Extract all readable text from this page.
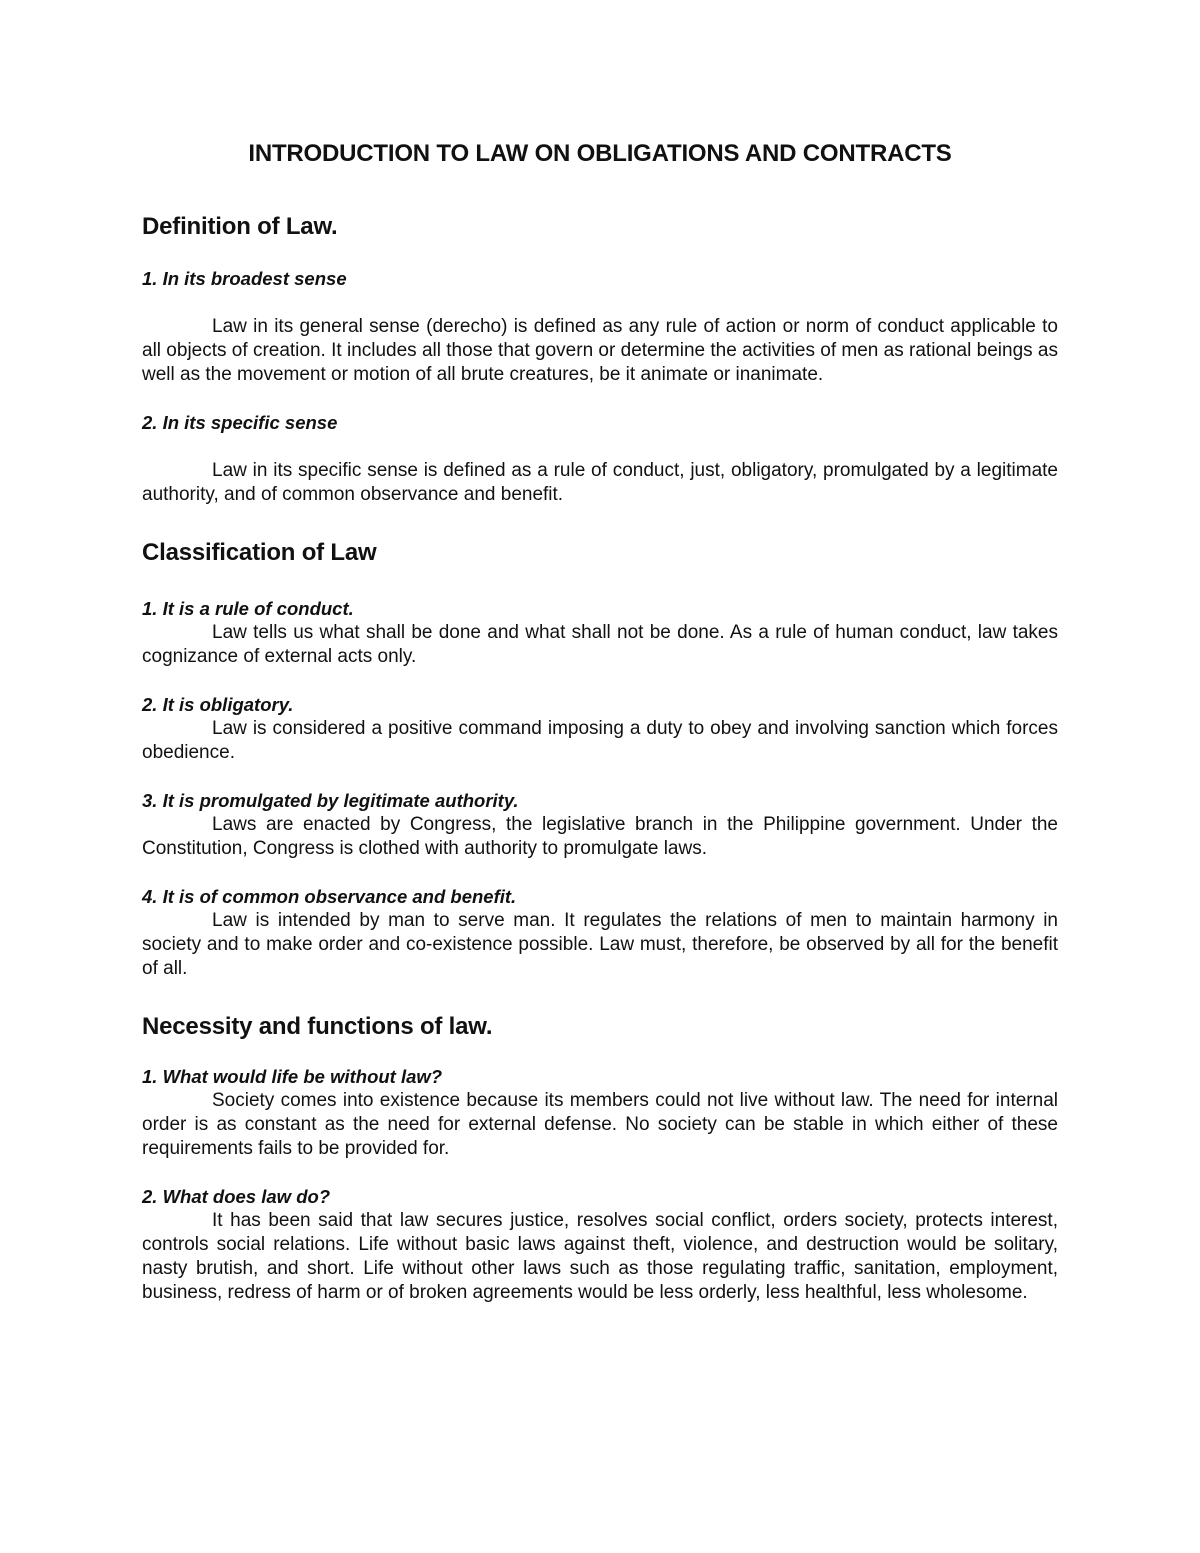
INTRODUCTION TO LAW ON OBLIGATIONS AND CONTRACTS
Definition of Law.

1. In its broadest sense

Law in its general sense (derecho) is defined as any rule of action or norm of conduct applicable to all objects of creation. It includes all those that govern or determine the activities of men as rational beings as well as the movement or motion of all brute creatures, be it animate or inanimate.

2. In its specific sense

Law in its specific sense is defined as a rule of conduct, just, obligatory, promulgated by a legitimate authority, and of common observance and benefit.

Classification of Law

1. It is a rule of conduct.

Law tells us what shall be done and what shall not be done. As a rule of human conduct, law takes cognizance of external acts only.

2. It is obligatory.

Law is considered a positive command imposing a duty to obey and involving sanction which forces obedience.

3. It is promulgated by legitimate authority.

Laws are enacted by Congress, the legislative branch in the Philippine government. Under the Constitution, Congress is clothed with authority to promulgate laws.

4. It is of common observance and benefit.

Law is intended by man to serve man. It regulates the relations of men to maintain harmony in society and to make order and co-existence possible. Law must, therefore, be observed by all for the benefit of all.

Necessity and functions of law.

1. What would life be without law?

Society comes into existence because its members could not live without law. The need for internal order is as constant as the need for external defense. No society can be stable in which either of these requirements fails to be provided for.

2. What does law do?

It has been said that law secures justice, resolves social conflict, orders society, protects interest, controls social relations. Life without basic laws against theft, violence, and destruction would be solitary, nasty brutish, and short. Life without other laws such as those regulating traffic, sanitation, employment, business, redress of harm or of broken agreements would be less orderly, less healthful, less wholesome.
